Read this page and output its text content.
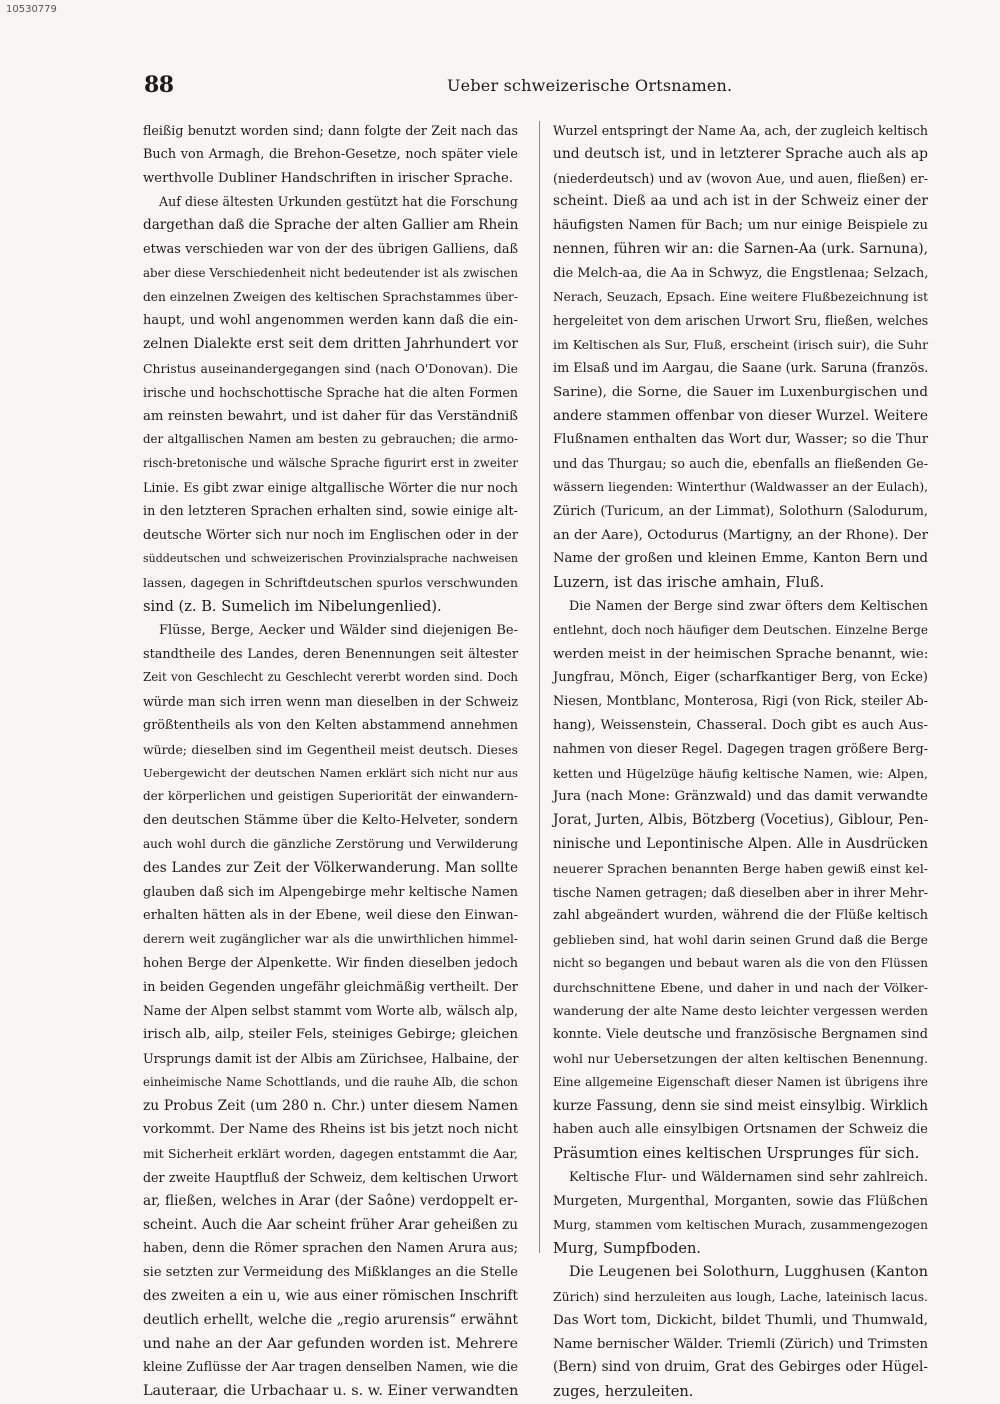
10530779
88	Ueber schweizerische Ortsnamen.
fleißig benutzt worden sind; dann folgte der Zeit nach das
Buch von Armagh, die Brehon-Gesetze, noch später viele
werthvolle Dubliner Handschriften in irischer Sprache.
Auf diese ältesten Urkunden gestützt hat die Forschung
dargethan daß die Sprache der alten Gallier am Rhein
etwas verschieden war von der des übrigen Galliens, daß
aber diese Verschiedenheit nicht bedeutender ist als zwischen
den einzelnen Zweigen des keltischen Sprachstammes über-
haupt, und wohl angenommen werden kann daß die ein-
zelnen Dialekte erst seit dem dritten Jahrhundert vor
Christus auseinandergegangen sind (nach O'Donovan). Die
irische und hochschottische Sprache hat die alten Formen
am reinsten bewahrt, und ist daher für das Verständniß
der altgallischen Namen am besten zu gebrauchen; die armo-
risch-bretonische und wälsche Sprache figurirt erst in zweiter
Linie. Es gibt zwar einige altgallische Wörter die nur noch
in den letzteren Sprachen erhalten sind, sowie einige alt-
deutsche Wörter sich nur noch im Englischen oder in der
süddeutschen und schweizerischen Provinzialsprache nachweisen
lassen, dagegen in Schriftdeutschen spurlos verschwunden
sind (z. B. Sumelich im Nibelungenlied).
Flüsse, Berge, Aecker und Wälder sind diejenigen Be-
standtheile des Landes, deren Benennungen seit ältester
Zeit von Geschlecht zu Geschlecht vererbt worden sind. Doch
würde man sich irren wenn man dieselben in der Schweiz
größtentheils als von den Kelten abstammend annehmen
würde; dieselben sind im Gegentheil meist deutsch. Dieses
Uebergewicht der deutschen Namen erklärt sich nicht nur aus
der körperlichen und geistigen Superiorität der einwandern-
den deutschen Stämme über die Kelto-Helveter, sondern
auch wohl durch die gänzliche Zerstörung und Verwilderung
des Landes zur Zeit der Völkerwanderung. Man sollte
glauben daß sich im Alpengebirge mehr keltische Namen
erhalten hätten als in der Ebene, weil diese den Einwan-
derern weit zugänglicher war als die unwirthlichen himmel-
hohen Berge der Alpenkette. Wir finden dieselben jedoch
in beiden Gegenden ungefähr gleichmäßig vertheilt. Der
Name der Alpen selbst stammt vom Worte alb, wälsch alp,
irisch alb, ailp, steiler Fels, steiniges Gebirge; gleichen
Ursprungs damit ist der Albis am Zürichsee, Halbaine, der
einheimische Name Schottlands, und die rauhe Alb, die schon
zu Probus Zeit (um 280 n. Chr.) unter diesem Namen
vorkommt. Der Name des Rheins ist bis jetzt noch nicht
mit Sicherheit erklärt worden, dagegen entstammt die Aar,
der zweite Hauptfluß der Schweiz, dem keltischen Urwort
ar, fließen, welches in Arar (der Saône) verdoppelt er-
scheint. Auch die Aar scheint früher Arar geheißen zu
haben, denn die Römer sprachen den Namen Arura aus;
sie setzten zur Vermeidung des Mißklanges an die Stelle
des zweiten a ein u, wie aus einer römischen Inschrift
deutlich erhellt, welche die „regio arurensis“ erwähnt
und nahe an der Aar gefunden worden ist. Mehrere
kleine Zuflüsse der Aar tragen denselben Namen, wie die
Lauteraar, die Urbachaar u. s. w. Einer verwandten
Wurzel entspringt der Name Aa, ach, der zugleich keltisch
und deutsch ist, und in letzterer Sprache auch als ap
(niederdeutsch) und av (wovon Aue, und auen, fließen) er-
scheint. Dieß aa und ach ist in der Schweiz einer der
häufigsten Namen für Bach; um nur einige Beispiele zu
nennen, führen wir an: die Sarnen-Aa (urk. Sarnuna),
die Melch-aa, die Aa in Schwyz, die Engstlenaa; Selzach,
Nerach, Seuzach, Epsach. Eine weitere Flußbezeichnung ist
hergeleitet von dem arischen Urwort Sru, fließen, welches
im Keltischen als Sur, Fluß, erscheint (irisch suir), die Suhr
im Elsaß und im Aargau, die Saane (urk. Saruna (französ.
Sarine), die Sorne, die Sauer im Luxenburgischen und
andere stammen offenbar von dieser Wurzel. Weitere
Flußnamen enthalten das Wort dur, Wasser; so die Thur
und das Thurgau; so auch die, ebenfalls an fließenden Ge-
wässern liegenden: Winterthur (Waldwasser an der Eulach),
Zürich (Turicum, an der Limmat), Solothurn (Salodurum,
an der Aare), Octodurus (Martigny, an der Rhone). Der
Name der großen und kleinen Emme, Kanton Bern und
Luzern, ist das irische amhain, Fluß.
Die Namen der Berge sind zwar öfters dem Keltischen
entlehnt, doch noch häufiger dem Deutschen. Einzelne Berge
werden meist in der heimischen Sprache benannt, wie:
Jungfrau, Mönch, Eiger (scharfkantiger Berg, von Ecke)
Niesen, Montblanc, Monterosa, Rigi (von Rick, steiler Ab-
hang), Weissenstein, Chasseral. Doch gibt es auch Aus-
nahmen von dieser Regel. Dagegen tragen größere Berg-
ketten und Hügelzüge häufig keltische Namen, wie: Alpen,
Jura (nach Mone: Gränzwald) und das damit verwandte
Jorat, Jurten, Albis, Bötzberg (Vocetius), Giblour, Pen-
ninische und Lepontinische Alpen. Alle in Ausdrücken
neuerer Sprachen benannten Berge haben gewiß einst kel-
tische Namen getragen; daß dieselben aber in ihrer Mehr-
zahl abgeändert wurden, während die der Flüße keltisch
geblieben sind, hat wohl darin seinen Grund daß die Berge
nicht so begangen und bebaut waren als die von den Flüssen
durchschnittene Ebene, und daher in und nach der Völker-
wanderung der alte Name desto leichter vergessen werden
konnte. Viele deutsche und französische Bergnamen sind
wohl nur Uebersetzungen der alten keltischen Benennung.
Eine allgemeine Eigenschaft dieser Namen ist übrigens ihre
kurze Fassung, denn sie sind meist einsylbig. Wirklich
haben auch alle einsylbigen Ortsnamen der Schweiz die
Präsumtion eines keltischen Ursprunges für sich.
Keltische Flur- und Wäldernamen sind sehr zahlreich.
Murgeten, Murgenthal, Morganten, sowie das Flüßchen
Murg, stammen vom keltischen Murach, zusammengezogen
Murg, Sumpfboden.
Die Leugenen bei Solothurn, Lugghusen (Kanton
Zürich) sind herzuleiten aus lough, Lache, lateinisch lacus.
Das Wort tom, Dickicht, bildet Thumli, und Thumwald,
Name bernischer Wälder. Triemli (Zürich) und Trimsten
(Bern) sind von druim, Grat des Gebirges oder Hügel-
zuges, herzuleiten.
